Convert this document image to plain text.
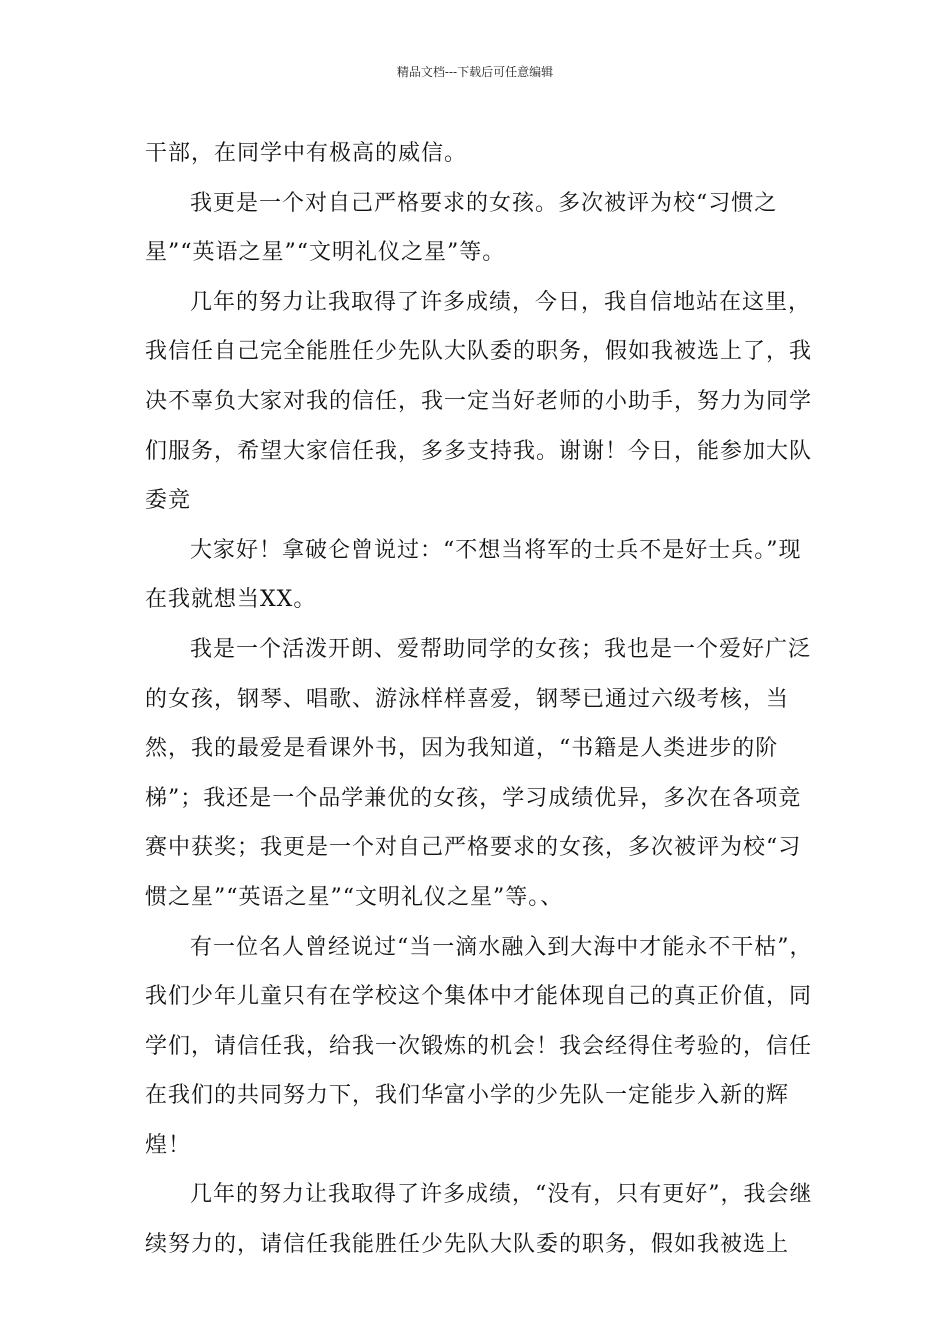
精品文档---下载后可任意编辑

干部，在同学中有极高的威信。

我更是一个对自己严格要求的女孩。多次被评为校“习惯之星”“英语之星”“文明礼仪之星”等。

几年的努力让我取得了许多成绩，今日，我自信地站在这里，我信任自己完全能胜任少先队大队委的职务，假如我被选上了，我决不辜负大家对我的信任，我一定当好老师的小助手，努力为同学们服务，希望大家信任我，多多支持我。谢谢！今日，能参加大队委竞

大家好！拿破仑曾说过：“不想当将军的士兵不是好士兵。”现在我就想当XX。

我是一个活泼开朗、爱帮助同学的女孩；我也是一个爱好广泛的女孩，钢琴、唱歌、游泳样样喜爱，钢琴已通过六级考核，当然，我的最爱是看课外书，因为我知道，“书籍是人类进步的阶梯”；我还是一个品学兼优的女孩，学习成绩优异，多次在各项竞赛中获奖；我更是一个对自己严格要求的女孩，多次被评为校“习惯之星”“英语之星”“文明礼仪之星”等。、

有一位名人曾经说过“当一滴水融入到大海中才能永不干枯”，我们少年儿童只有在学校这个集体中才能体现自己的真正价值，同学们，请信任我，给我一次锻炼的机会！我会经得住考验的，信任在我们的共同努力下，我们华富小学的少先队一定能步入新的辉煌！

几年的努力让我取得了许多成绩，“没有，只有更好”，我会继续努力的，请信任我能胜任少先队大队委的职务，假如我被选上
